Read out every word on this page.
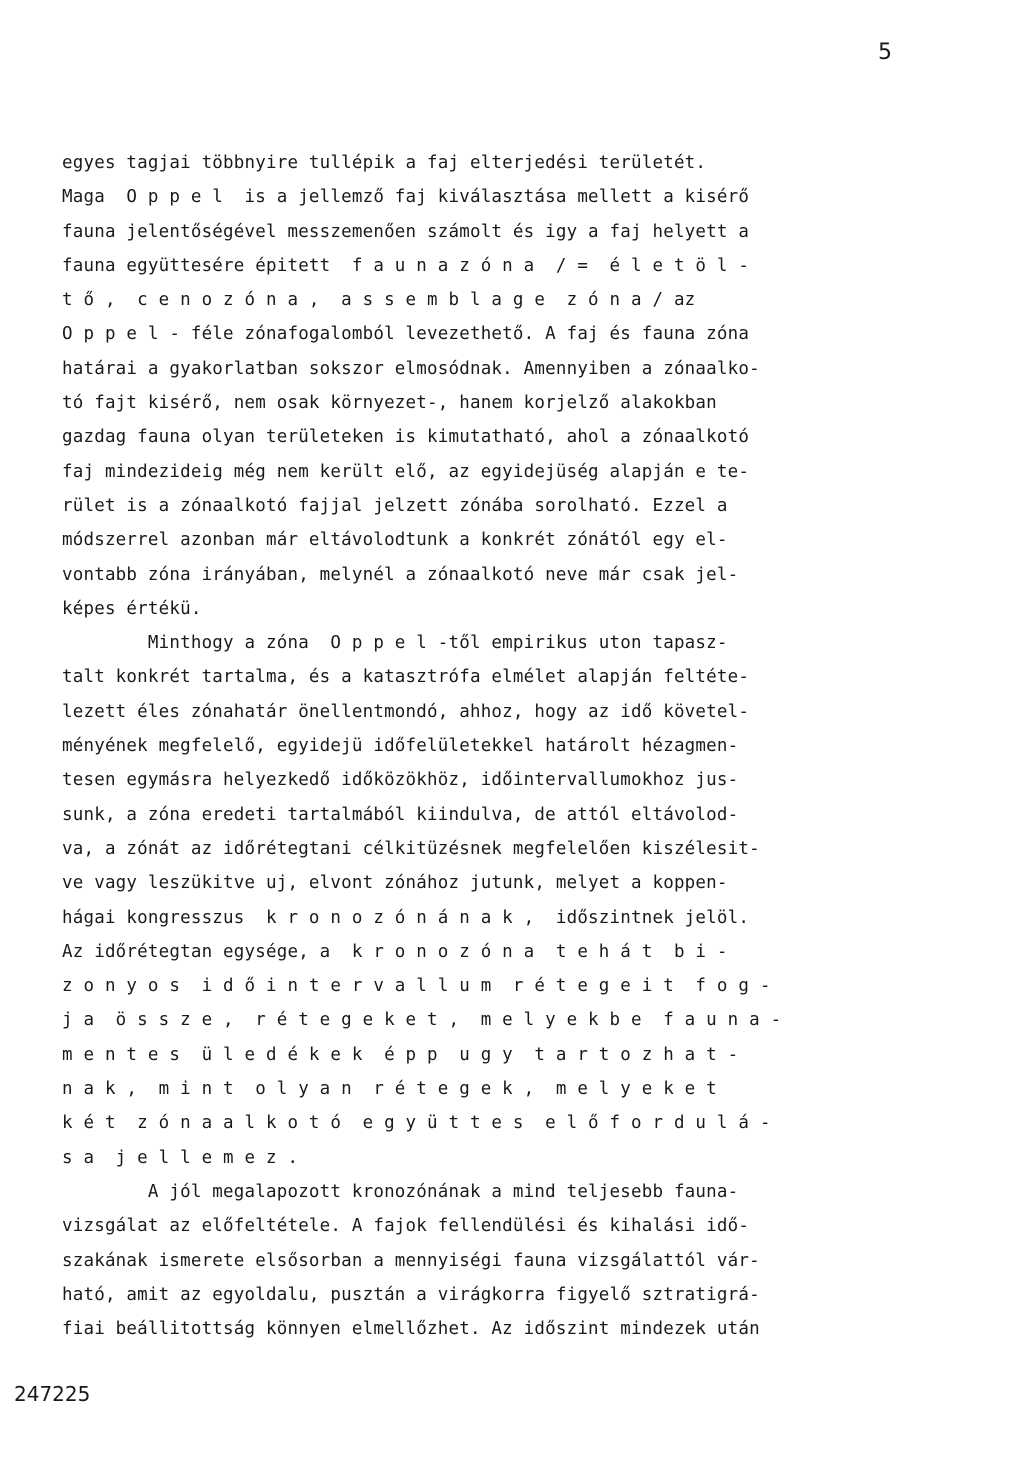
5
egyes tagjai többnyire tullépik a faj elterjedési területét.
Maga  O p p e l  is a jellemző faj kiválasztása mellett a kisérő
fauna jelentőségével messzemenően számolt és igy a faj helyett a
fauna együttesére épitett  f a u n a z ó n a  / =  é l e t ö l -
t ő ,  c e n o z ó n a ,  a s s e m b l a g e  z ó n a / az
O p p e l - féle zónafogalomból levezethető. A faj és fauna zóna
határai a gyakorlatban sokszor elmosódnak. Amennyiben a zónaalko-
tó fajt kisérő, nem osak környezet-, hanem korjelző alakokban
gazdag fauna olyan területeken is kimutatható, ahol a zónaalkotó
faj mindezideig még nem került elő, az egyidejüség alapján e te-
rület is a zónaalkotó fajjal jelzett zónába sorolható. Ezzel a
módszerrel azonban már eltávolodtunk a konkrét zónától egy el-
vontabb zóna irányában, melynél a zónaalkotó neve már csak jel-
képes értékü.
Minthogy a zóna  O p p e l -től empirikus uton tapasz-
talt konkrét tartalma, és a katasztrófa elmélet alapján feltéte-
lezett éles zónahatár önellentmondó, ahhoz, hogy az idő követel-
ményének megfelelő, egyidejü időfelületekkel határolt hézagmen-
tesen egymásra helyezkedő időközökhöz, időintervallumokhoz jus-
sunk, a zóna eredeti tartalmából kiindulva, de attól eltávolod-
va, a zónát az időrétegtani célkitüzésnek megfelelően kiszélesit-
ve vagy leszükitve uj, elvont zónához jutunk, melyet a koppen-
hágai kongresszus  k r o n o z ó n á n a k ,  időszintnek jelöl.
Az időrétegtan egysége, a  k r o n o z ó n a  t e h á t  b i -
z o n y o s  i d ő i n t e r v a l l u m  r é t e g e i t  f o g -
j a  ö s s z e ,  r é t e g e k e t ,  m e l y e k b e  f a u n a -
m e n t e s  ü l e d é k e k  é p p  u g y  t a r t o z h a t -
n a k ,  m i n t  o l y a n  r é t e g e k ,  m e l y e k e t
k é t  z ó n a a l k o t ó  e g y ü t t e s  e l ő f o r d u l á -
s a  j e l l e m e z .
A jól megalapozott kronozónának a mind teljesebb fauna-
vizsgálat az előfeltétele. A fajok fellendülési és kihalási idő-
szakának ismerete elsősorban a mennyiségi fauna vizsgálattól vár-
ható, amit az egyoldalu, pusztán a virágkorra figyelő sztratigrá-
fiai beállitottság könnyen elmellőzhet. Az időszint mindezek után
247225
